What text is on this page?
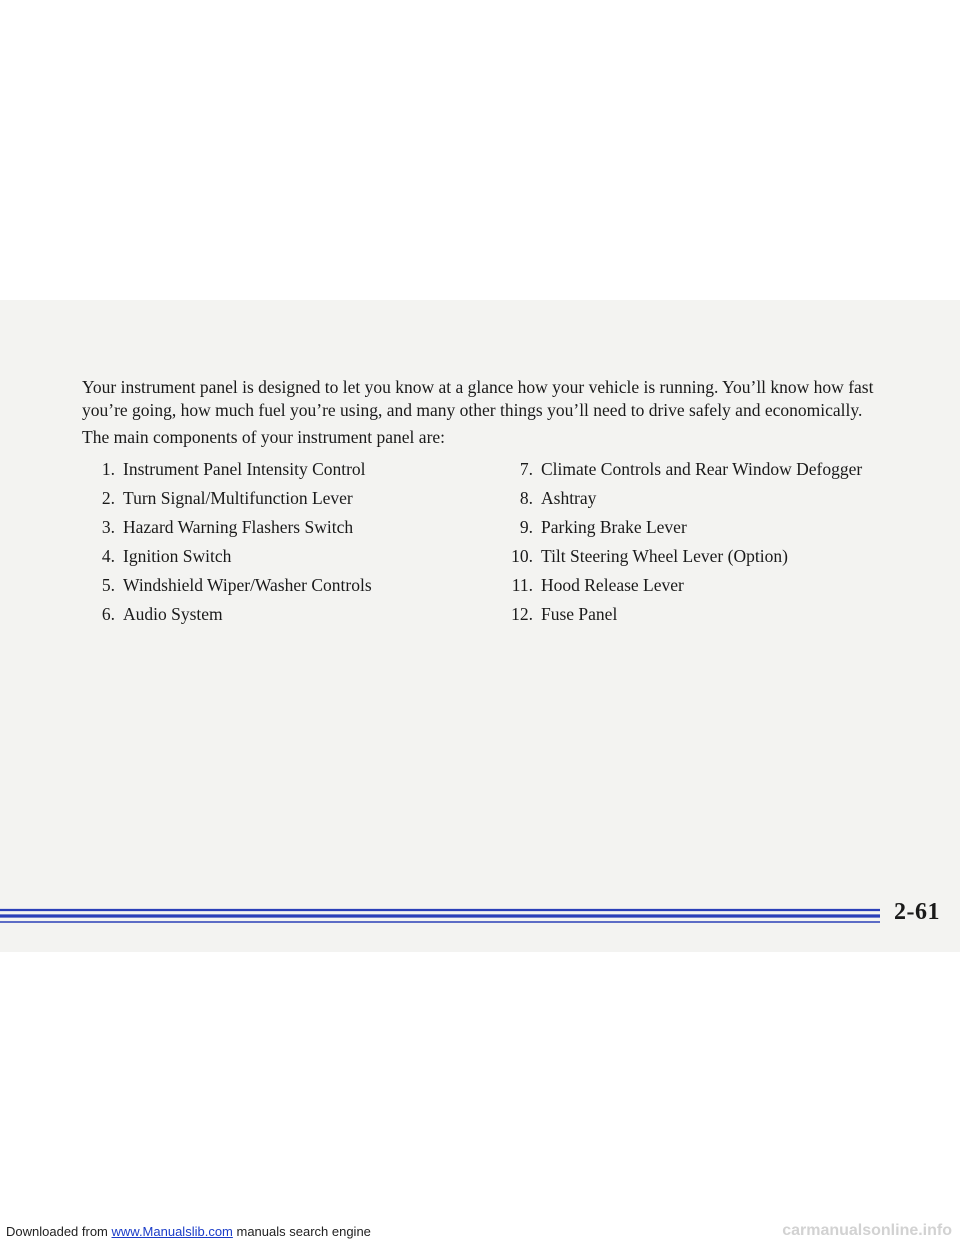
Your instrument panel is designed to let you know at a glance how your vehicle is running. You’ll know how fast you’re going, how much fuel you’re using, and many other things you’ll need to drive safely and economically.

The main components of your instrument panel are:

1. Instrument Panel Intensity Control
2. Turn Signal/Multifunction Lever
3. Hazard Warning Flashers Switch
4. Ignition Switch
5. Windshield Wiper/Washer Controls
6. Audio System
7. Climate Controls and Rear Window Defogger
8. Ashtray
9. Parking Brake Lever
10. Tilt Steering Wheel Lever (Option)
11. Hood Release Lever
12. Fuse Panel
2-61
Downloaded from www.Manualslib.com manuals search engine	carmanualsonline.info
